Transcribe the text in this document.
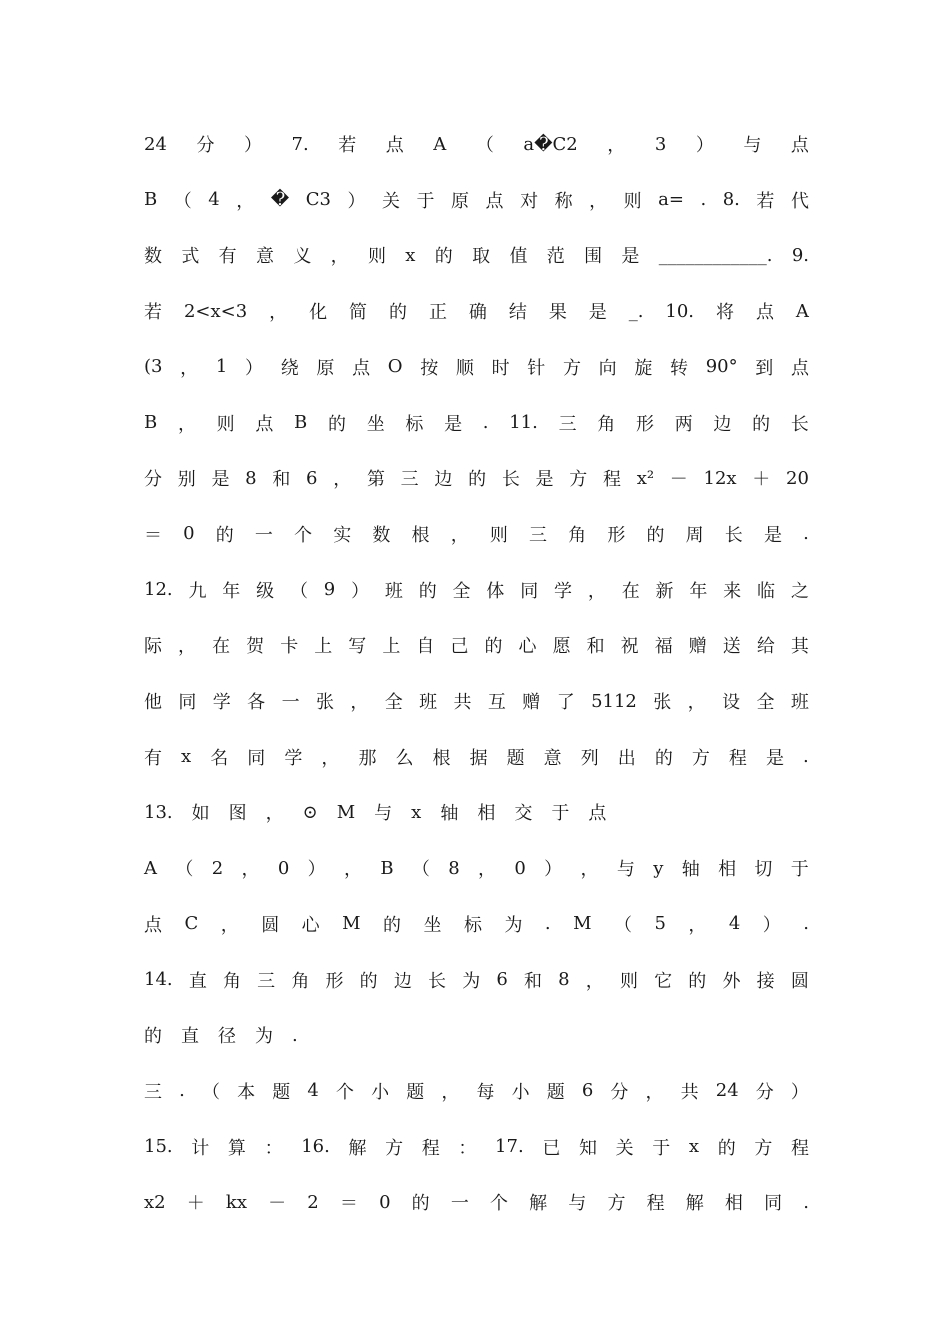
24 分 ） 7. 若 点 A （ a�C2 ， 3 ） 与 点
B （ 4 ， � C3 ） 关 于 原 点 对 称 ， 则 a= . 8. 若 代
数 式 有 意 义 ， 则 x 的 取 值 范 围 是 ____________. 9.
若 2<x<3 ， 化 简 的 正 确 结 果 是 _. 10. 将 点 A
(3 ， 1 ） 绕 原 点 O 按 顺 时 针 方 向 旋 转 90° 到 点
B ， 则 点 B 的 坐 标 是 . 11. 三 角 形 两 边 的 长
分 别 是 8 和 6 ， 第 三 边 的 长 是 方 程 x² － 12x ＋ 20
＝ 0 的 一 个 实 数 根 ， 则 三 角 形 的 周 长 是 .
12. 九 年 级 （ 9 ） 班 的 全 体 同 学 ， 在 新 年 来 临 之
际 ， 在 贺 卡 上 写 上 自 己 的 心 愿 和 祝 福 赠 送 给 其
他 同 学 各 一 张 ， 全 班 共 互 赠 了 5112 张 ， 设 全 班
有 x 名 同 学 ， 那 么 根 据 题 意 列 出 的 方 程 是 .
13. 如 图 ， ⊙ M 与 x 轴 相 交 于 点
A （ 2 ， 0 ） ， B （ 8 ， 0 ） ， 与 y 轴 相 切 于
点 C ， 圆 心 M 的 坐 标 为 . M （ 5 ， 4 ） .
14. 直 角 三 角 形 的 边 长 为 6 和 8 ， 则 它 的 外 接 圆
的 直 径 为 .
三 . （ 本 题 4 个 小 题 ， 每 小 题 6 分 ， 共 24 分 ）
15. 计 算 ： 16. 解 方 程 ： 17. 已 知 关 于 x 的 方 程
x2 ＋ kx － 2 ＝ 0 的 一 个 解 与 方 程 解 相 同 .
